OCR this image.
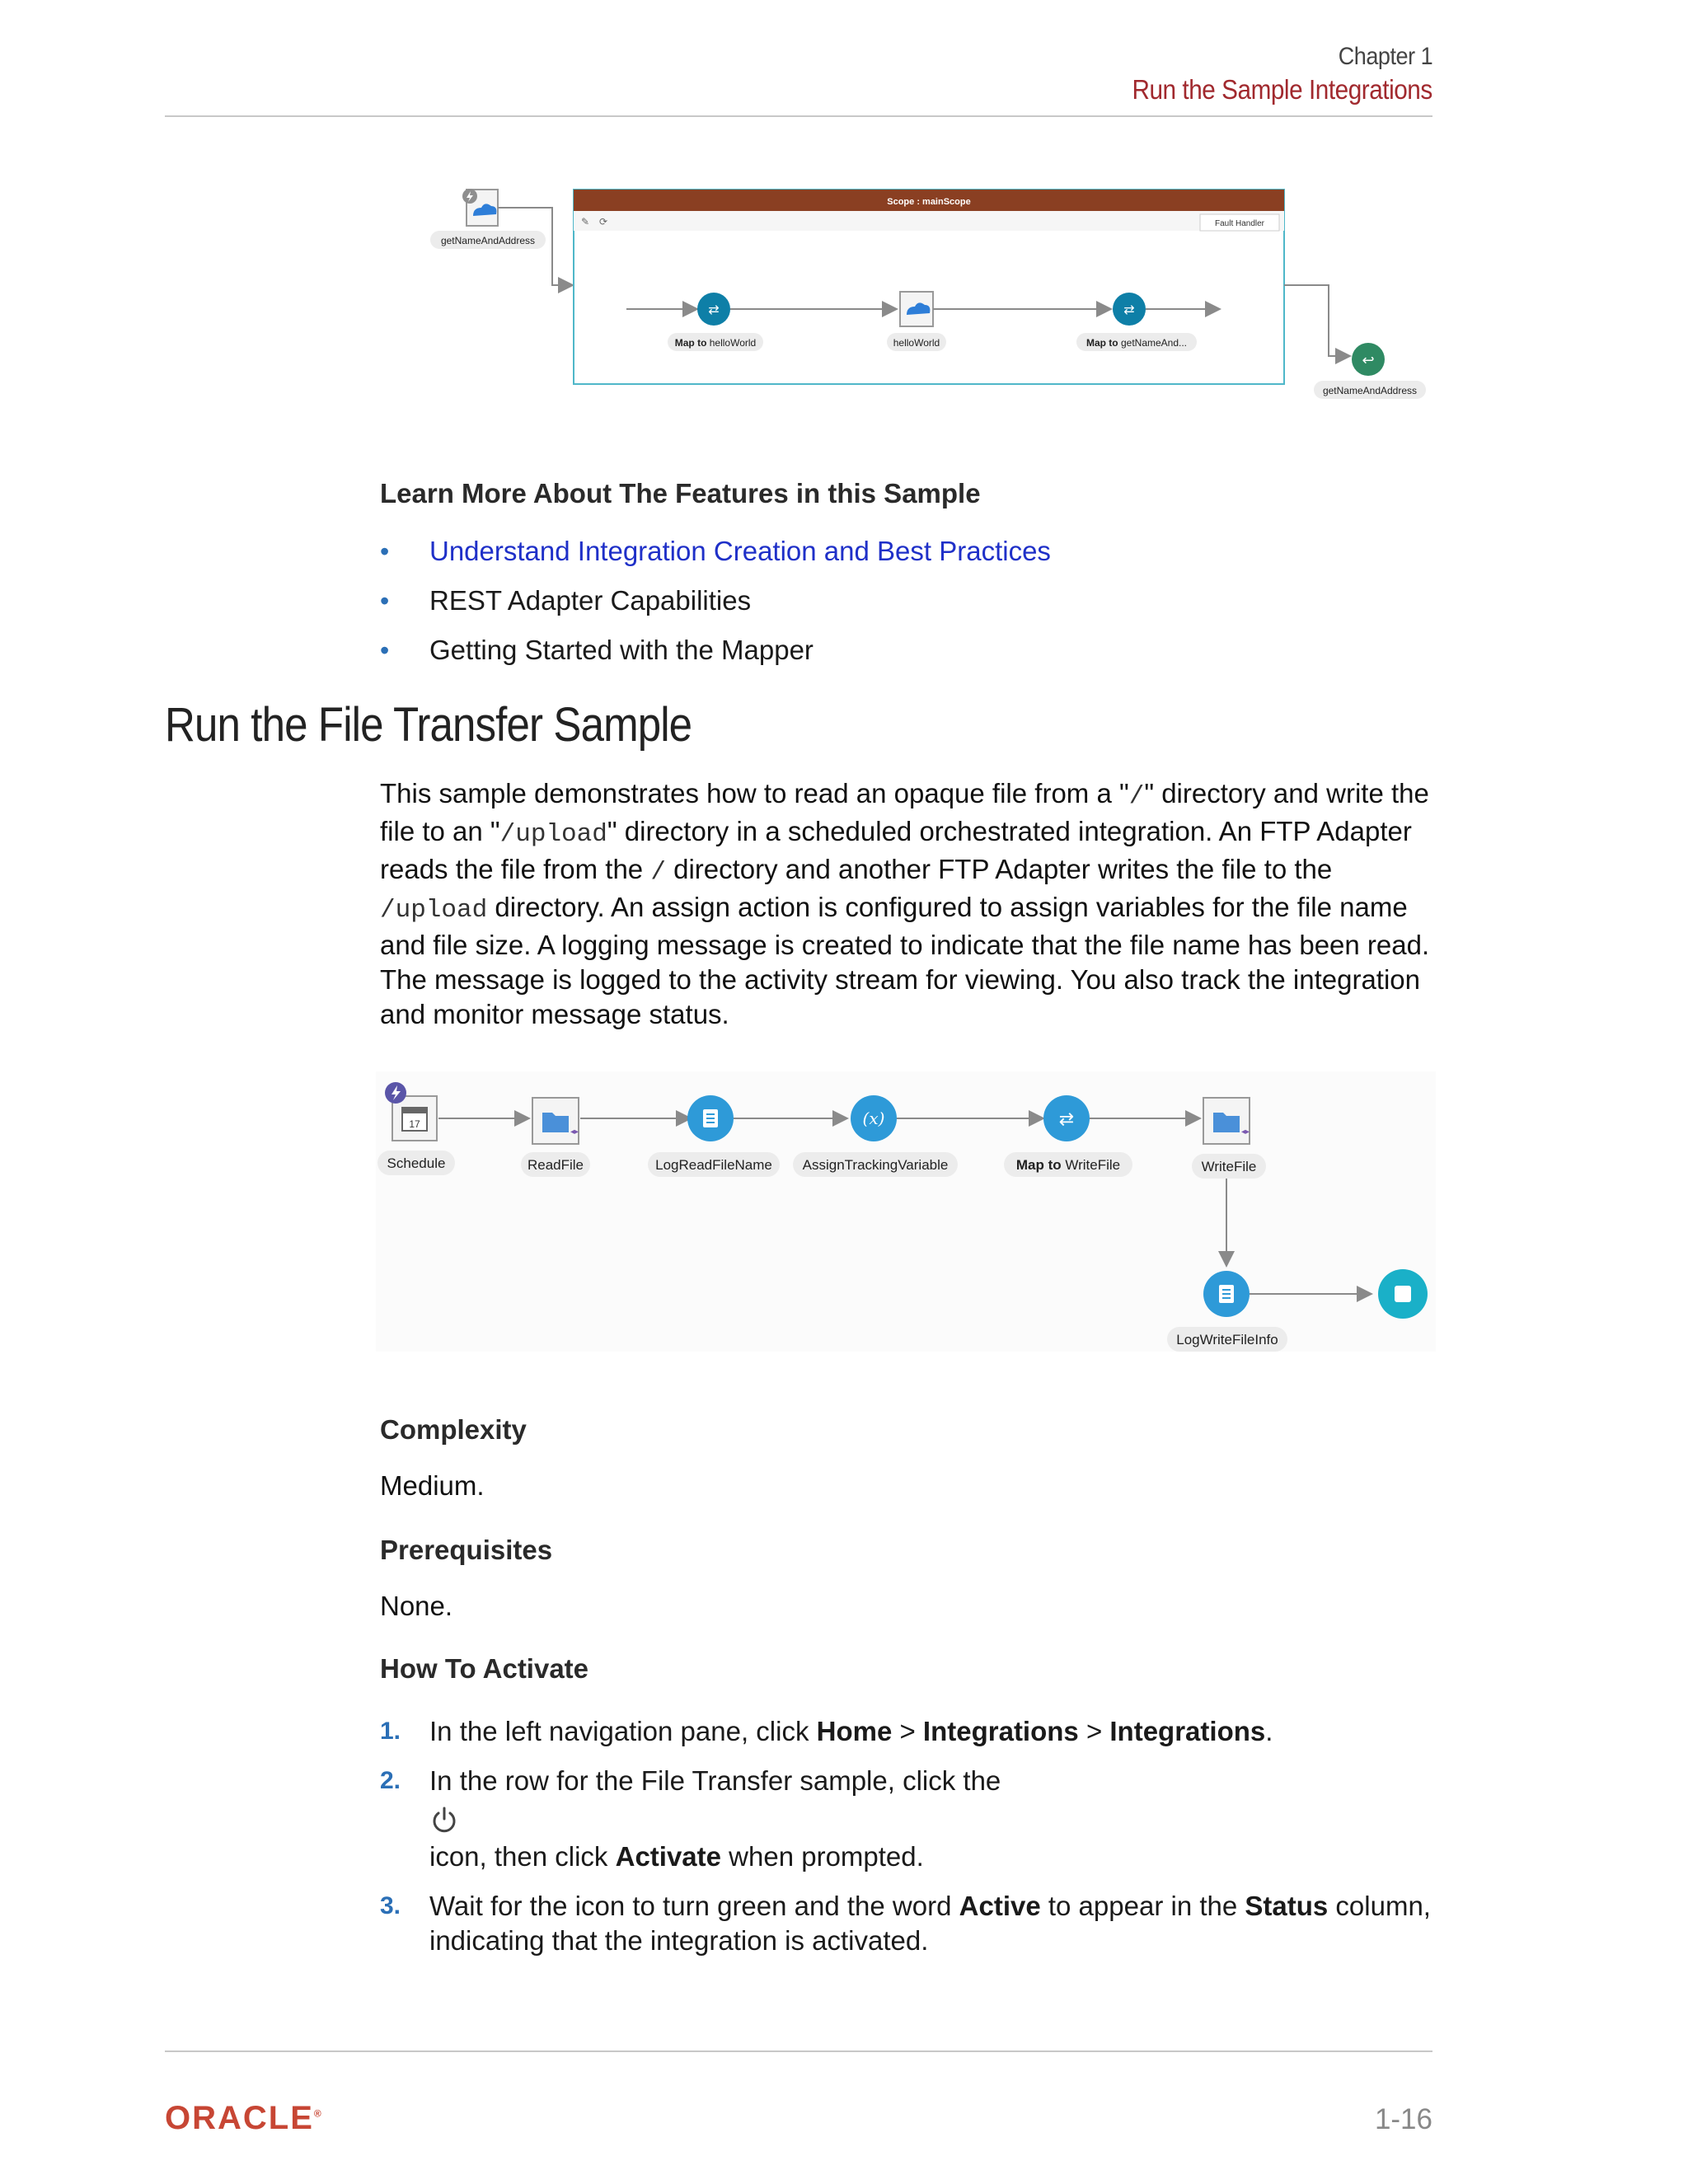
Chapter 1
Run the Sample Integrations
getNameAndAddress
Scope : mainScope
✎ ⟳	Fault Handler
⇄	⇄
Map to helloWorld	helloWorld	Map to getNameAnd...
↩
getNameAndAddress
Learn More About The Features in this Sample
• Understand Integration Creation and Best Practices
• REST Adapter Capabilities
• Getting Started with the Mapper
Run the File Transfer Sample
This sample demonstrates how to read an opaque file from a "/" directory and write the file to an "/upload" directory in a scheduled orchestrated integration. An FTP Adapter reads the file from the / directory and another FTP Adapter writes the file to the /upload directory. An assign action is configured to assign variables for the file name and file size. A logging message is created to indicate that the file name has been read. The message is logged to the activity stream for viewing. You also track the integration and monitor message status.
17
◂▸
(x)	⇄
◂▸
Schedule	ReadFile	LogReadFileName AssignTrackingVariable	Map to WriteFile	WriteFile
LogWriteFileInfo
Complexity
Medium.
Prerequisites
None.
How To Activate
1. In the left navigation pane, click Home > Integrations > Integrations.
2. In the row for the File Transfer sample, click the
icon, then click Activate when prompted.
3. Wait for the icon to turn green and the word Active to appear in the Status column, indicating that the integration is activated.
ORACLE®	1-16
